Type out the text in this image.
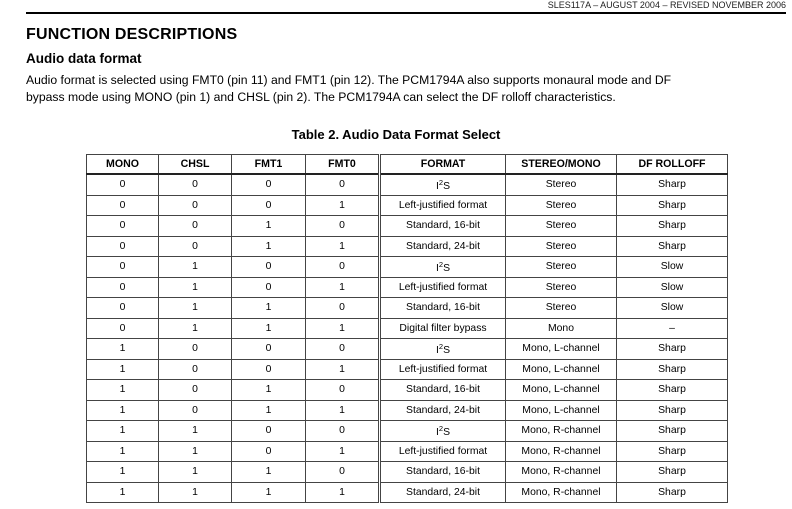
SLES117A – AUGUST 2004 – REVISED NOVEMBER 2006
FUNCTION DESCRIPTIONS
Audio data format

Audio format is selected using FMT0 (pin 11) and FMT1 (pin 12). The PCM1794A also supports monaural mode and DF
bypass mode using MONO (pin 1) and CHSL (pin 2). The PCM1794A can select the DF rolloff characteristics.

Table 2. Audio Data Format Select
MONO	CHSL	FMT1	FMT0	FORMAT	STEREO/MONO	DF ROLLOFF
0	0	0	0	$I^2S$	Stereo	Sharp
0	0	0	1	Left-justified format	Stereo	Sharp
0	0	1	0	Standard, 16-bit	Stereo	Sharp
0	0	1	1	Standard, 24-bit	Stereo	Sharp
0	1	0	0	$I^2S$	Stereo	Slow
0	1	0	1	Left-justified format	Stereo	Slow
0	1	1	0	Standard, 16-bit	Stereo	Slow
0	1	1	1	Digital filter bypass	Mono	–
1	0	0	0	$I^2S$	Mono, L-channel	Sharp
1	0	0	1	Left-justified format	Mono, L-channel	Sharp
1	0	1	0	Standard, 16-bit	Mono, L-channel	Sharp
1	0	1	1	Standard, 24-bit	Mono, L-channel	Sharp
1	1	0	0	$I^2S$	Mono, R-channel	Sharp
1	1	0	1	Left-justified format	Mono, R-channel	Sharp
1	1	1	0	Standard, 16-bit	Mono, R-channel	Sharp
1	1	1	1	Standard, 24-bit	Mono, R-channel	Sharp
